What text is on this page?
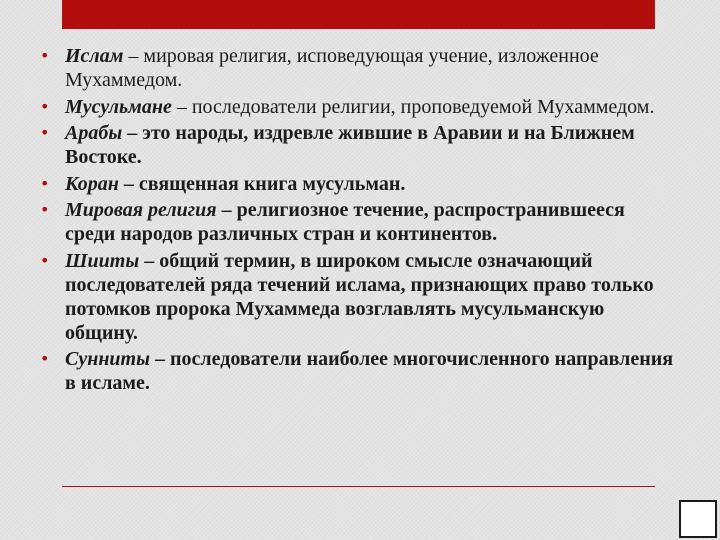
• Ислам – мировая религия, исповедующая учение, изложенное Мухаммедом.
• Мусульмане – последователи религии, проповедуемой Мухаммедом.
• Арабы – это народы, издревле жившие в Аравии и на Ближнем Востоке.
• Коран – священная книга мусульман.
• Мировая религия – религиозное течение, распространившееся среди народов различных стран и континентов.
• Шииты – общий термин, в широком смысле означающий последователей ряда течений ислама, признающих право только потомков пророка Мухаммеда возглавлять мусульманскую общину.
• Сунниты – последователи наиболее многочисленного направления в исламе.
